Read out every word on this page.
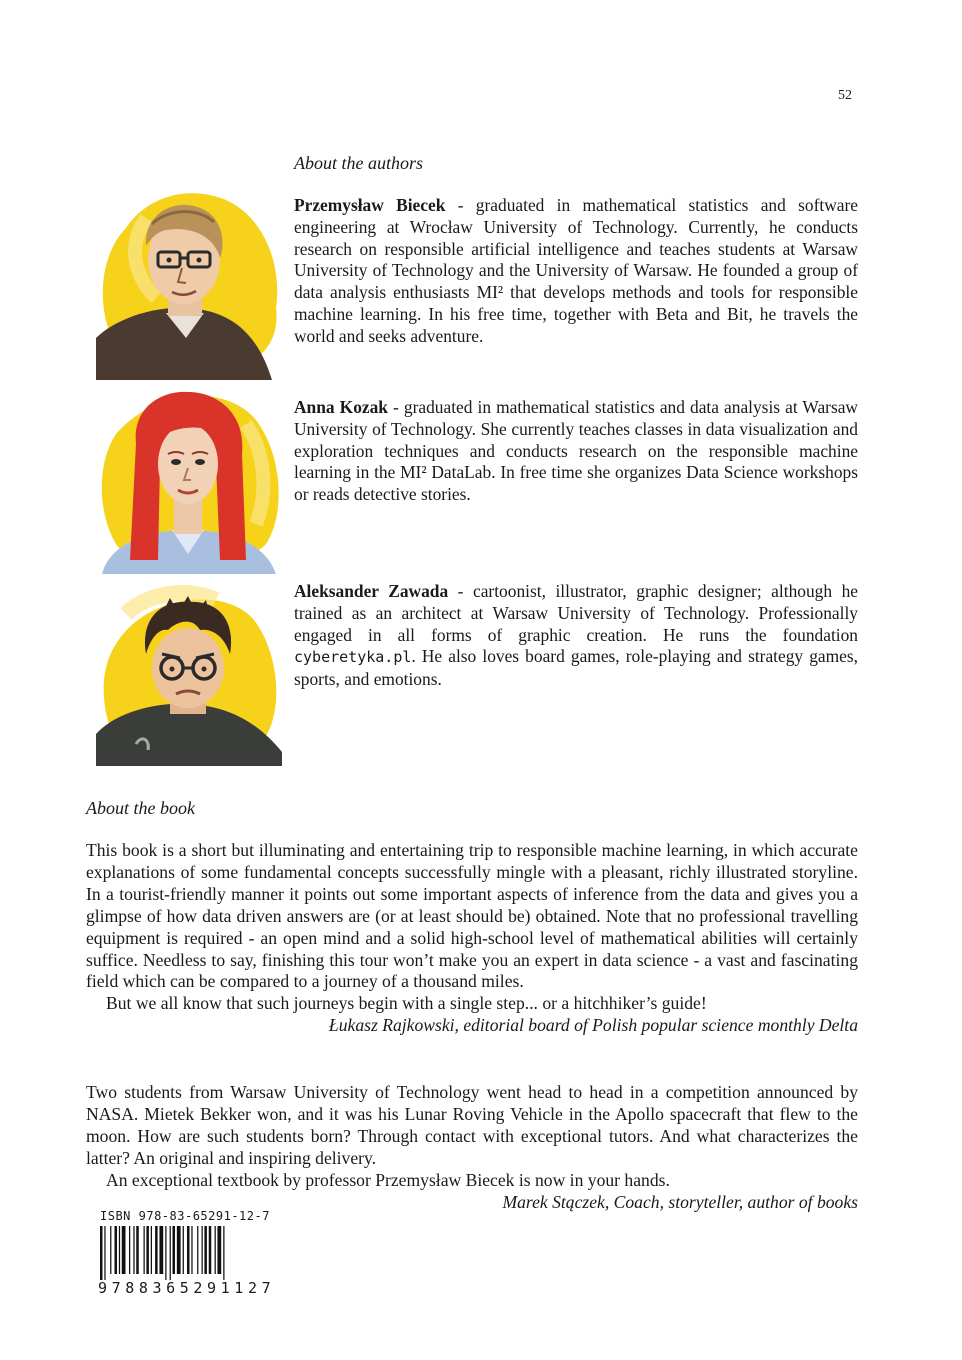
52
About the authors
Przemysław Biecek - graduated in mathematical statistics and software engineering at Wrocław University of Technology. Currently, he conducts research on responsible artificial intelligence and teaches students at Warsaw University of Technology and the University of Warsaw. He founded a group of data analysis enthusiasts MI² that develops methods and tools for responsible machine learning. In his free time, together with Beta and Bit, he travels the world and seeks adventure.
Anna Kozak - graduated in mathematical statistics and data analysis at Warsaw University of Technology. She currently teaches classes in data visualization and exploration techniques and conducts research on the responsible machine learning in the MI² DataLab. In free time she organizes Data Science workshops or reads detective stories.
Aleksander Zawada - cartoonist, illustrator, graphic designer; although he trained as an architect at Warsaw University of Technology. Professionally engaged in all forms of graphic creation. He runs the foundation cyberetyka.pl. He also loves board games, role-playing and strategy games, sports, and emotions.
About the book
This book is a short but illuminating and entertaining trip to responsible machine learning, in which accurate explanations of some fundamental concepts successfully mingle with a pleasant, richly illustrated storyline. In a tourist-friendly manner it points out some important aspects of inference from the data and gives you a glimpse of how data driven answers are (or at least should be) obtained. Note that no professional travelling equipment is required - an open mind and a solid high-school level of mathematical abilities will certainly suffice. Needless to say, finishing this tour won’t make you an expert in data science - a vast and fascinating field which can be compared to a journey of a thousand miles.
But we all know that such journeys begin with a single step... or a hitchhiker’s guide!
Łukasz Rajkowski, editorial board of Polish popular science monthly Delta
Two students from Warsaw University of Technology went head to head in a competition announced by NASA. Mietek Bekker won, and it was his Lunar Roving Vehicle in the Apollo spacecraft that flew to the moon. How are such students born? Through contact with exceptional tutors. And what characterizes the latter? An original and inspiring delivery.
An exceptional textbook by professor Przemysław Biecek is now in your hands.
Marek Stączek, Coach, storyteller, author of books
ISBN 978-83-65291-12-7
9788365291127
